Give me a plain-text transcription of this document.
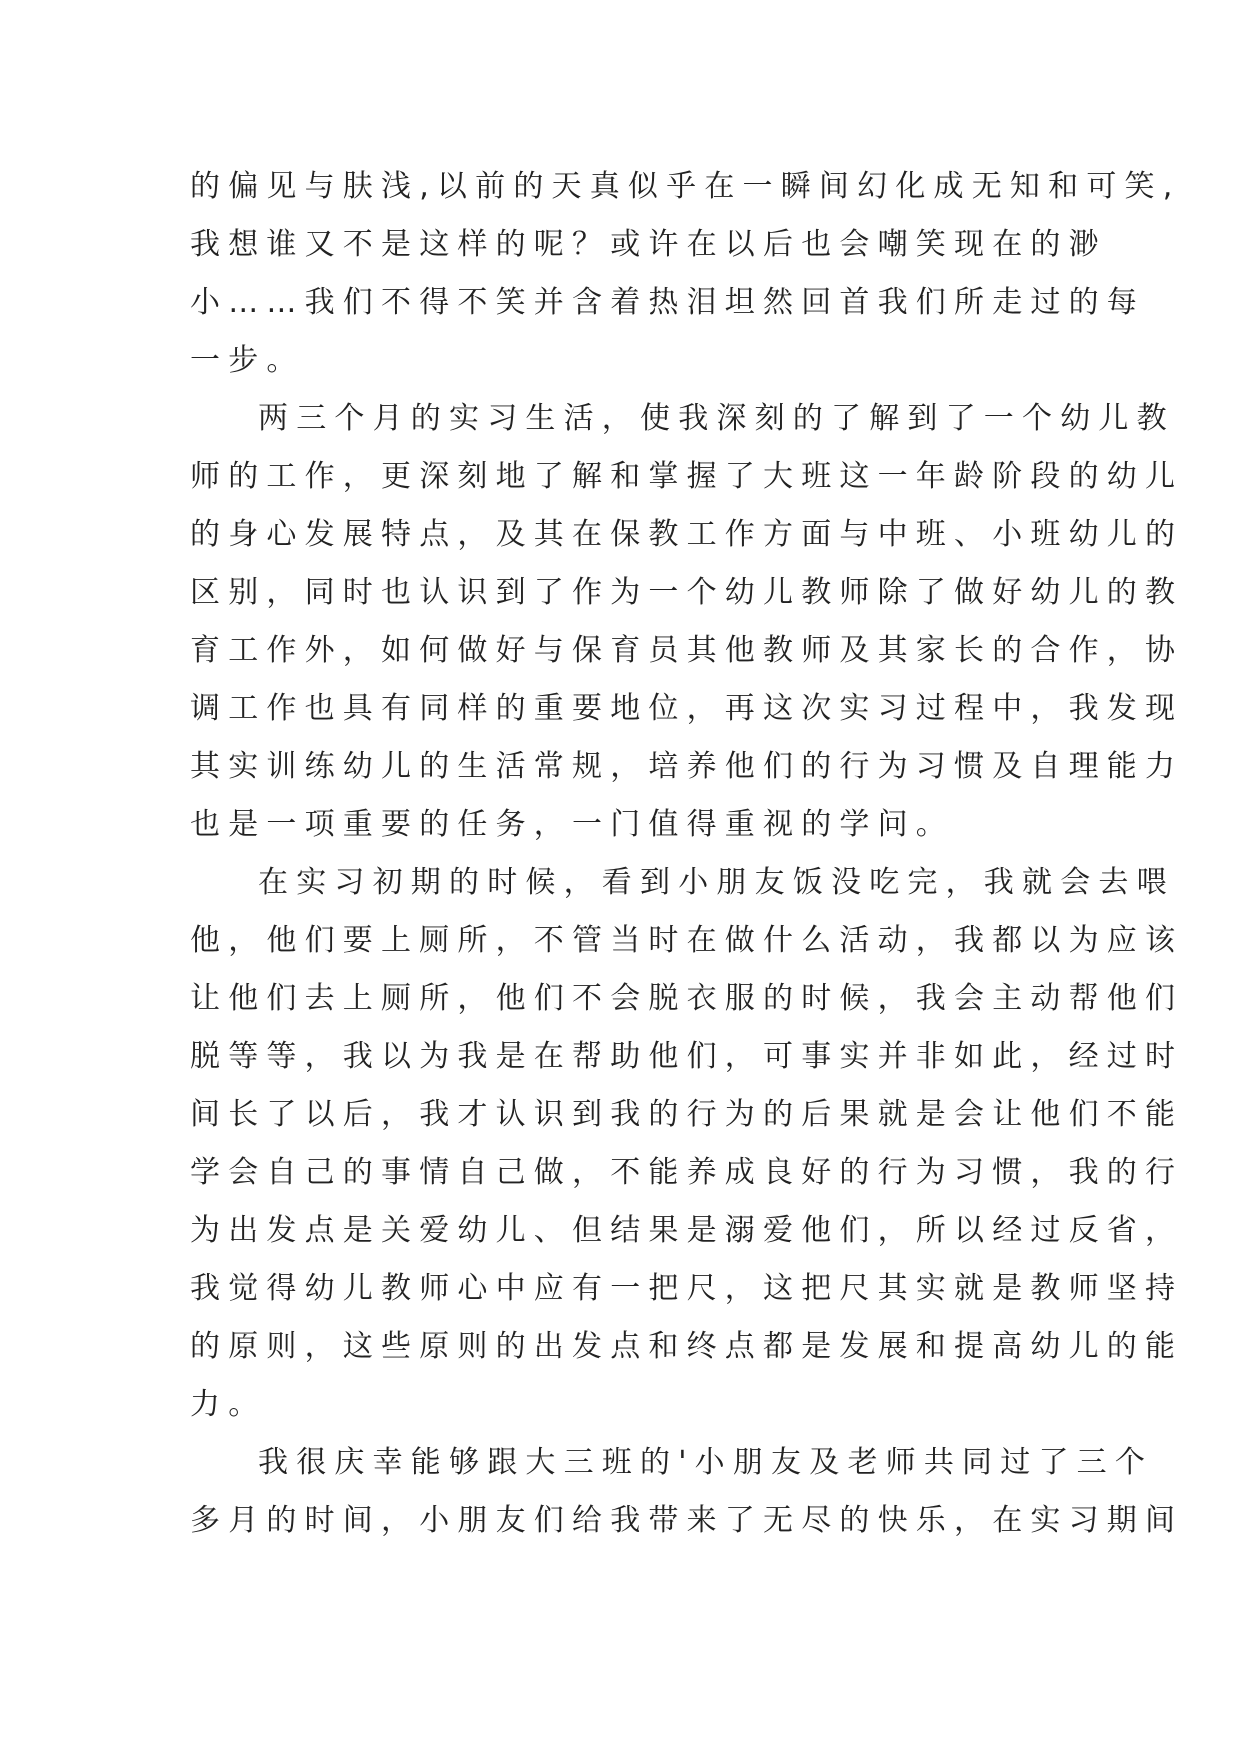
的偏见与肤浅,以前的天真似乎在一瞬间幻化成无知和可笑,
我想谁又不是这样的呢？或许在以后也会嘲笑现在的渺
小……我们不得不笑并含着热泪坦然回首我们所走过的每
一步。
两三个月的实习生活，使我深刻的了解到了一个幼儿教
师的工作，更深刻地了解和掌握了大班这一年龄阶段的幼儿
的身心发展特点，及其在保教工作方面与中班、小班幼儿的
区别，同时也认识到了作为一个幼儿教师除了做好幼儿的教
育工作外，如何做好与保育员其他教师及其家长的合作，协
调工作也具有同样的重要地位，再这次实习过程中，我发现
其实训练幼儿的生活常规，培养他们的行为习惯及自理能力
也是一项重要的任务，一门值得重视的学问。
在实习初期的时候，看到小朋友饭没吃完，我就会去喂
他，他们要上厕所，不管当时在做什么活动，我都以为应该
让他们去上厕所，他们不会脱衣服的时候，我会主动帮他们
脱等等，我以为我是在帮助他们，可事实并非如此，经过时
间长了以后，我才认识到我的行为的后果就是会让他们不能
学会自己的事情自己做，不能养成良好的行为习惯，我的行
为出发点是关爱幼儿、但结果是溺爱他们，所以经过反省，
我觉得幼儿教师心中应有一把尺，这把尺其实就是教师坚持
的原则，这些原则的出发点和终点都是发展和提高幼儿的能
力。
我很庆幸能够跟大三班的'小朋友及老师共同过了三个
多月的时间，小朋友们给我带来了无尽的快乐，在实习期间
